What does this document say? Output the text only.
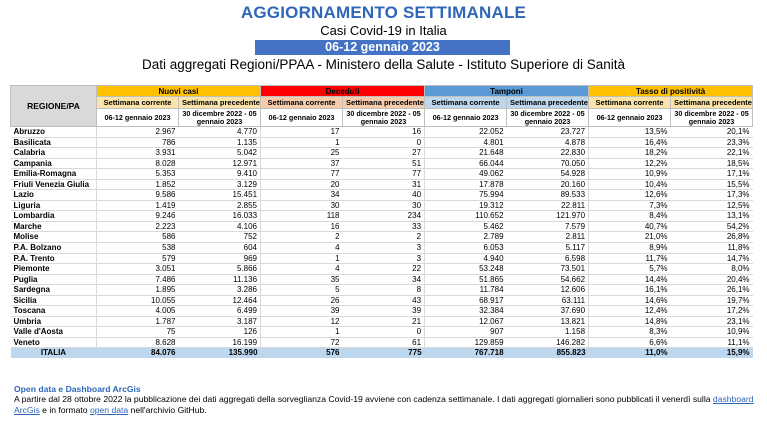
AGGIORNAMENTO SETTIMANALE
Casi Covid-19 in Italia
06-12 gennaio 2023
Dati aggregati Regioni/PPAA - Ministero della Salute - Istituto Superiore di Sanità
REGIONE/PA	Nuovi casi		Deceduti		Tamponi		Tasso di positività	
	Settimana corrente	Settimana precedente	Settimana corrente	Settimana precedente	Settimana corrente	Settimana precedente	Settimana corrente	Settimana precedente
	06-12 gennaio 2023	30 dicembre 2022 - 05 gennaio 2023	06-12 gennaio 2023	30 dicembre 2022 - 05 gennaio 2023	06-12 gennaio 2023	30 dicembre 2022 - 05 gennaio 2023	06-12 gennaio 2023	30 dicembre 2022 - 05 gennaio 2023
Abruzzo	2.967	4.770	17	16	22.052	23.727	13,5%	20,1%
Basilicata	786	1.135	1	0	4.801	4.878	16,4%	23,3%
Calabria	3.931	5.042	25	27	21.648	22.830	18,2%	22,1%
Campania	8.028	12.971	37	51	66.044	70.050	12,2%	18,5%
Emilia-Romagna	5.353	9.410	77	77	49.062	54.928	10,9%	17,1%
Friuli Venezia Giulia	1.852	3.129	20	31	17.878	20.160	10,4%	15,5%
Lazio	9.586	15.451	34	40	75.994	89.533	12,6%	17,3%
Liguria	1.419	2.855	30	30	19.312	22.811	7,3%	12,5%
Lombardia	9.246	16.033	118	234	110.652	121.970	8,4%	13,1%
Marche	2.223	4.106	16	33	5.462	7.579	40,7%	54,2%
Molise	586	752	2	2	2.789	2.811	21,0%	26,8%
P.A. Bolzano	538	604	4	3	6.053	5.117	8,9%	11,8%
P.A. Trento	579	969	1	3	4.940	6.598	11,7%	14,7%
Piemonte	3.051	5.866	4	22	53.248	73.501	5,7%	8,0%
Puglia	7.486	11.136	35	34	51.865	54.662	14,4%	20,4%
Sardegna	1.895	3.286	5	8	11.784	12.606	16,1%	26,1%
Sicilia	10.055	12.464	26	43	68.917	63.111	14,6%	19,7%
Toscana	4.005	6.499	39	39	32.384	37.690	12,4%	17,2%
Umbria	1.787	3.187	12	21	12.067	13.821	14,8%	23,1%
Valle d'Aosta	75	126	1	0	907	1.158	8,3%	10,9%
Veneto	8.628	16.199	72	61	129.859	146.282	6,6%	11,1%
ITALIA	84.076	135.990	576	775	767.718	855.823	11,0%	15,9%
Open data e Dashboard ArcGis
A partire dal 28 ottobre 2022 la pubblicazione dei dati aggregati della sorveglianza Covid-19 avviene con cadenza settimanale. I dati aggregati giornalieri sono pubblicati il venerdì sulla dashboard ArcGis e in formato open data nell'archivio GitHub.
